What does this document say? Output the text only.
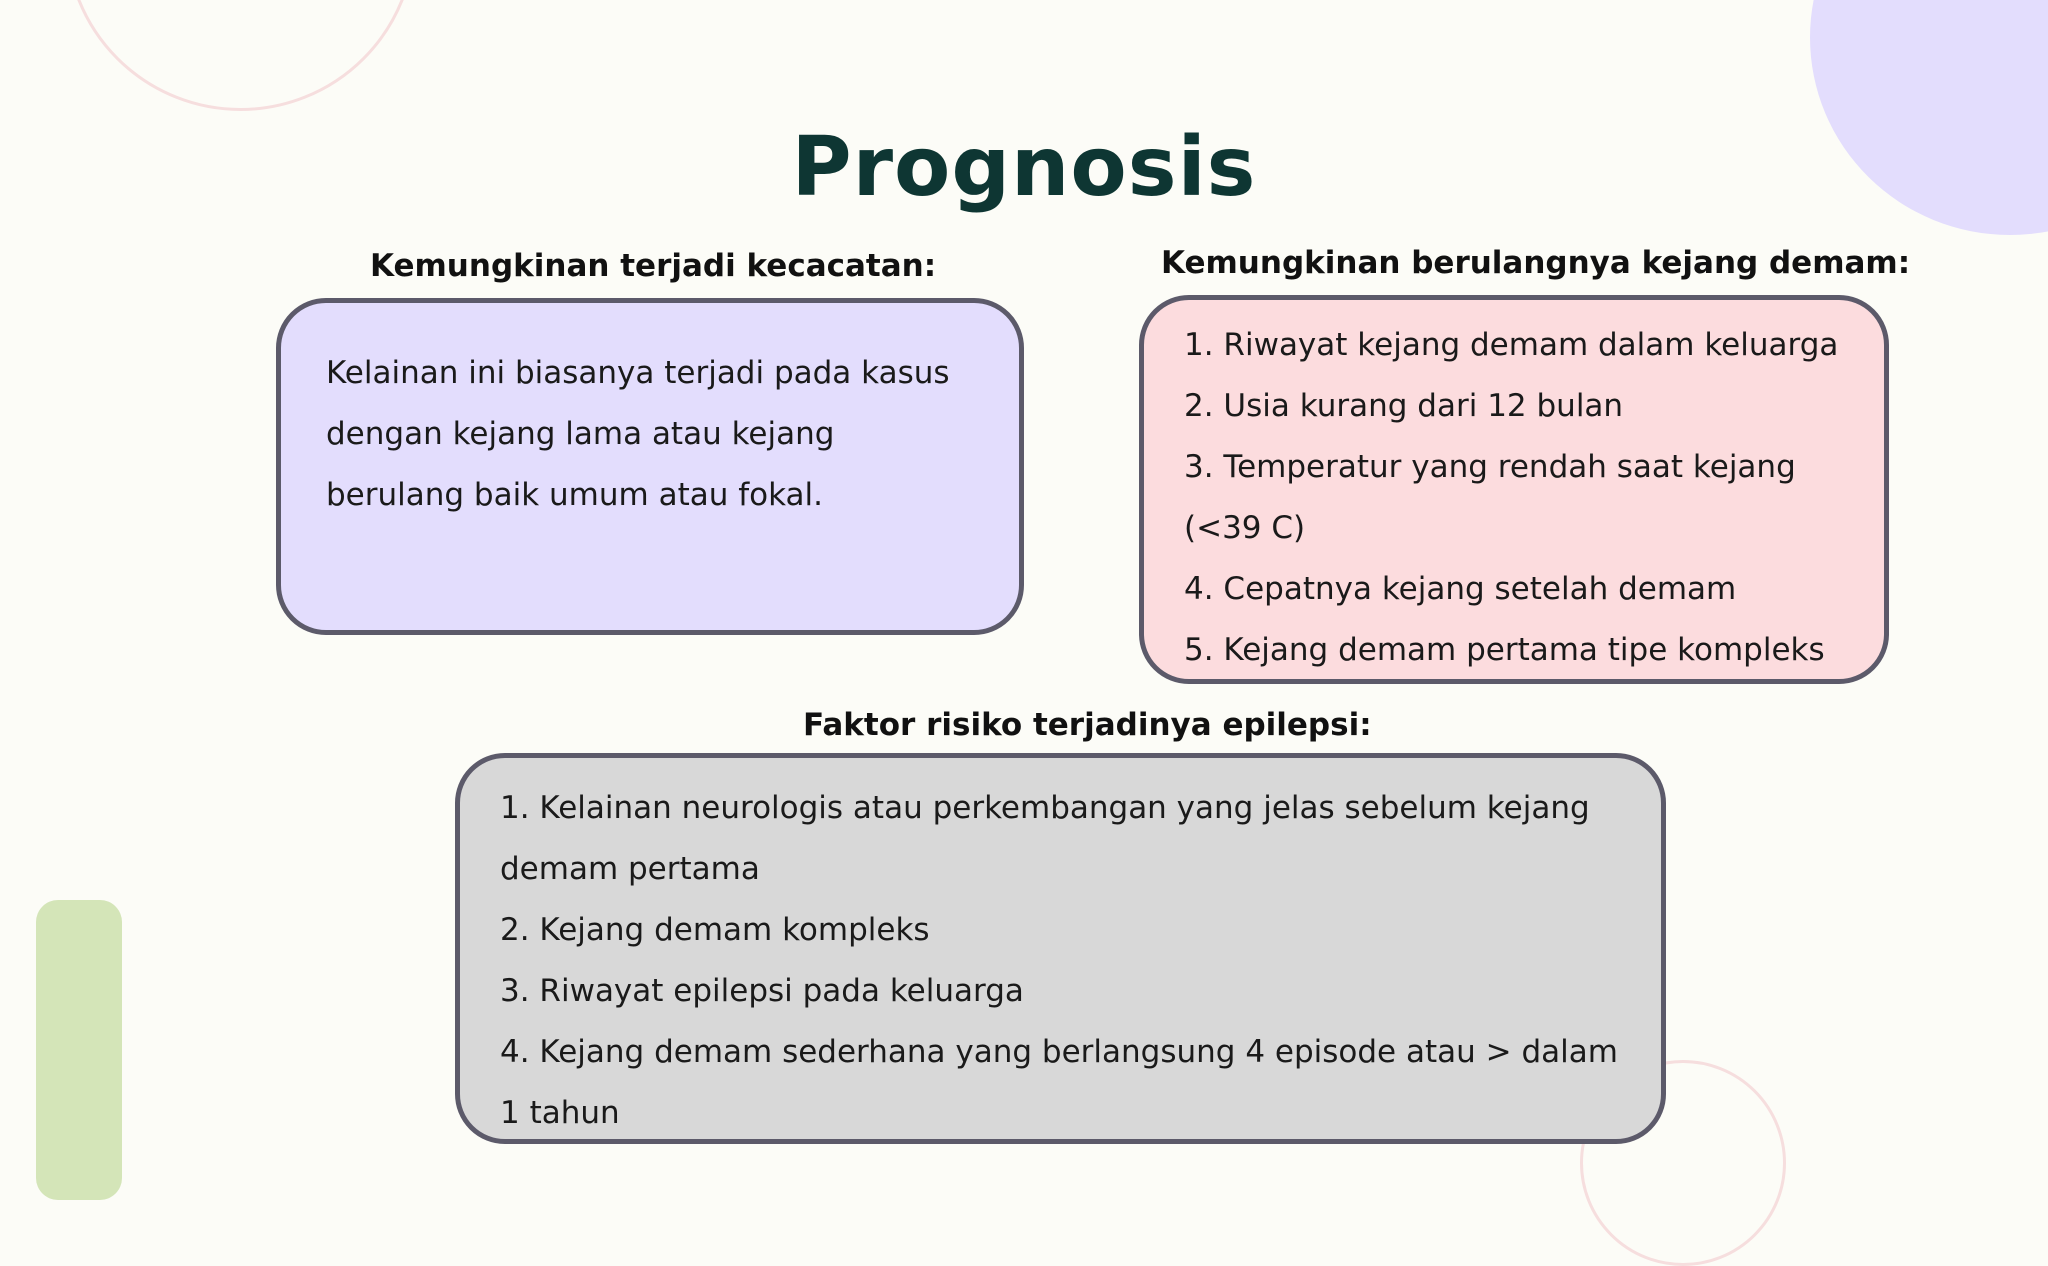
Prognosis
Kemungkinan terjadi kecacatan:

Kelainan ini biasanya terjadi pada kasus dengan kejang lama atau kejang berulang baik umum atau fokal.

Kemungkinan berulangnya kejang demam:
1. Riwayat kejang demam dalam keluarga
2. Usia kurang dari 12 bulan
3. Temperatur yang rendah saat kejang (<39 C)
4. Cepatnya kejang setelah demam
5. Kejang demam pertama tipe kompleks
Faktor risiko terjadinya epilepsi:
1. Kelainan neurologis atau perkembangan yang jelas sebelum kejang demam pertama
2. Kejang demam kompleks
3. Riwayat epilepsi pada keluarga
4. Kejang demam sederhana yang berlangsung 4 episode atau > dalam 1 tahun
